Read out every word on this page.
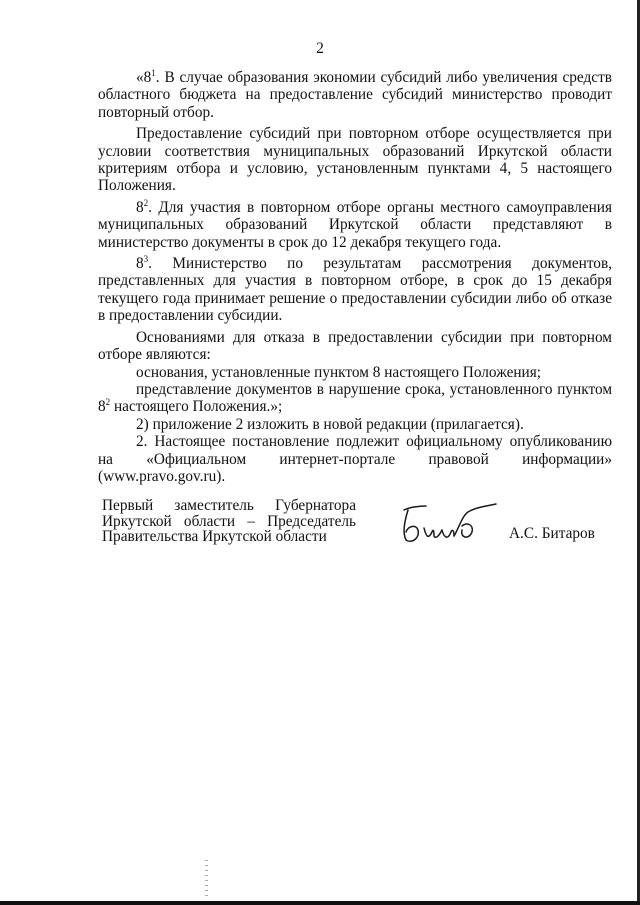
2

«$8^1$. В случае образования экономии субсидий либо увеличения средств областного бюджета на предоставление субсидий министерство проводит повторный отбор.

Предоставление субсидий при повторном отборе осуществляется при условии соответствия муниципальных образований Иркутской области критериям отбора и условию, установленным пунктами 4, 5 настоящего Положения.

$8^2$. Для участия в повторном отборе органы местного самоуправления муниципальных образований Иркутской области представляют в министерство документы в срок до 12 декабря текущего года.

$8^3$. Министерство по результатам рассмотрения документов, представленных для участия в повторном отборе, в срок до 15 декабря текущего года принимает решение о предоставлении субсидии либо об отказе в предоставлении субсидии.

Основаниями для отказа в предоставлении субсидии при повторном отборе являются:

основания, установленные пунктом 8 настоящего Положения;

представление документов в нарушение срока, установленного пунктом $8^2$ настоящего Положения.»;

2) приложение 2 изложить в новой редакции (прилагается).

2. Настоящее постановление подлежит официальному опубликованию на «Официальном интернет-портале правовой информации» (www.pravo.gov.ru).

Первый заместитель Губернатора
Иркутской области – Председатель
Правительства Иркутской области	А.С. Битаров
